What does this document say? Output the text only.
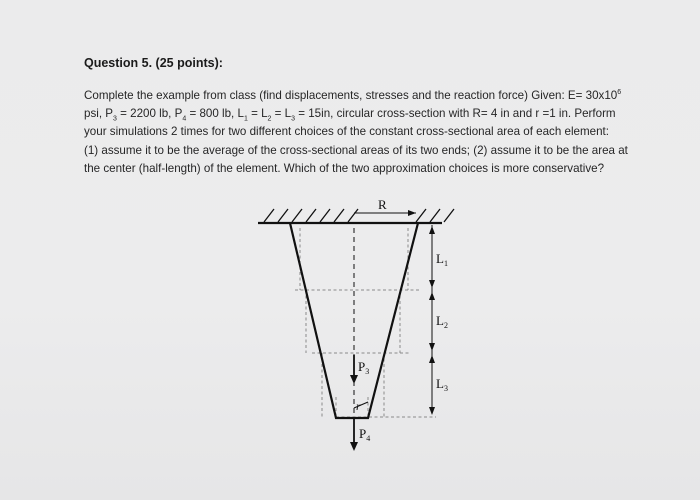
Question 5. (25 points):
Complete the example from class (find displacements, stresses and the reaction force) Given: $E= 30x10^6$
psi, $P_3 = 2200$ lb, $P_4 = 800$ lb, $L_1 = L_2 = L_3 = 15in$, circular cross-section with R= 4 in and r =1 in. Perform
your simulations 2 times for two different choices of the constant cross-sectional area of each element:
(1) assume it to be the average of the cross-sectional areas of its two ends; (2) assume it to be the area at
the center (half-length) of the element. Which of the two approximation choices is more conservative?
R
$L_1$
$L_2$
$L_3$
$P_3$
r
$P_4$
